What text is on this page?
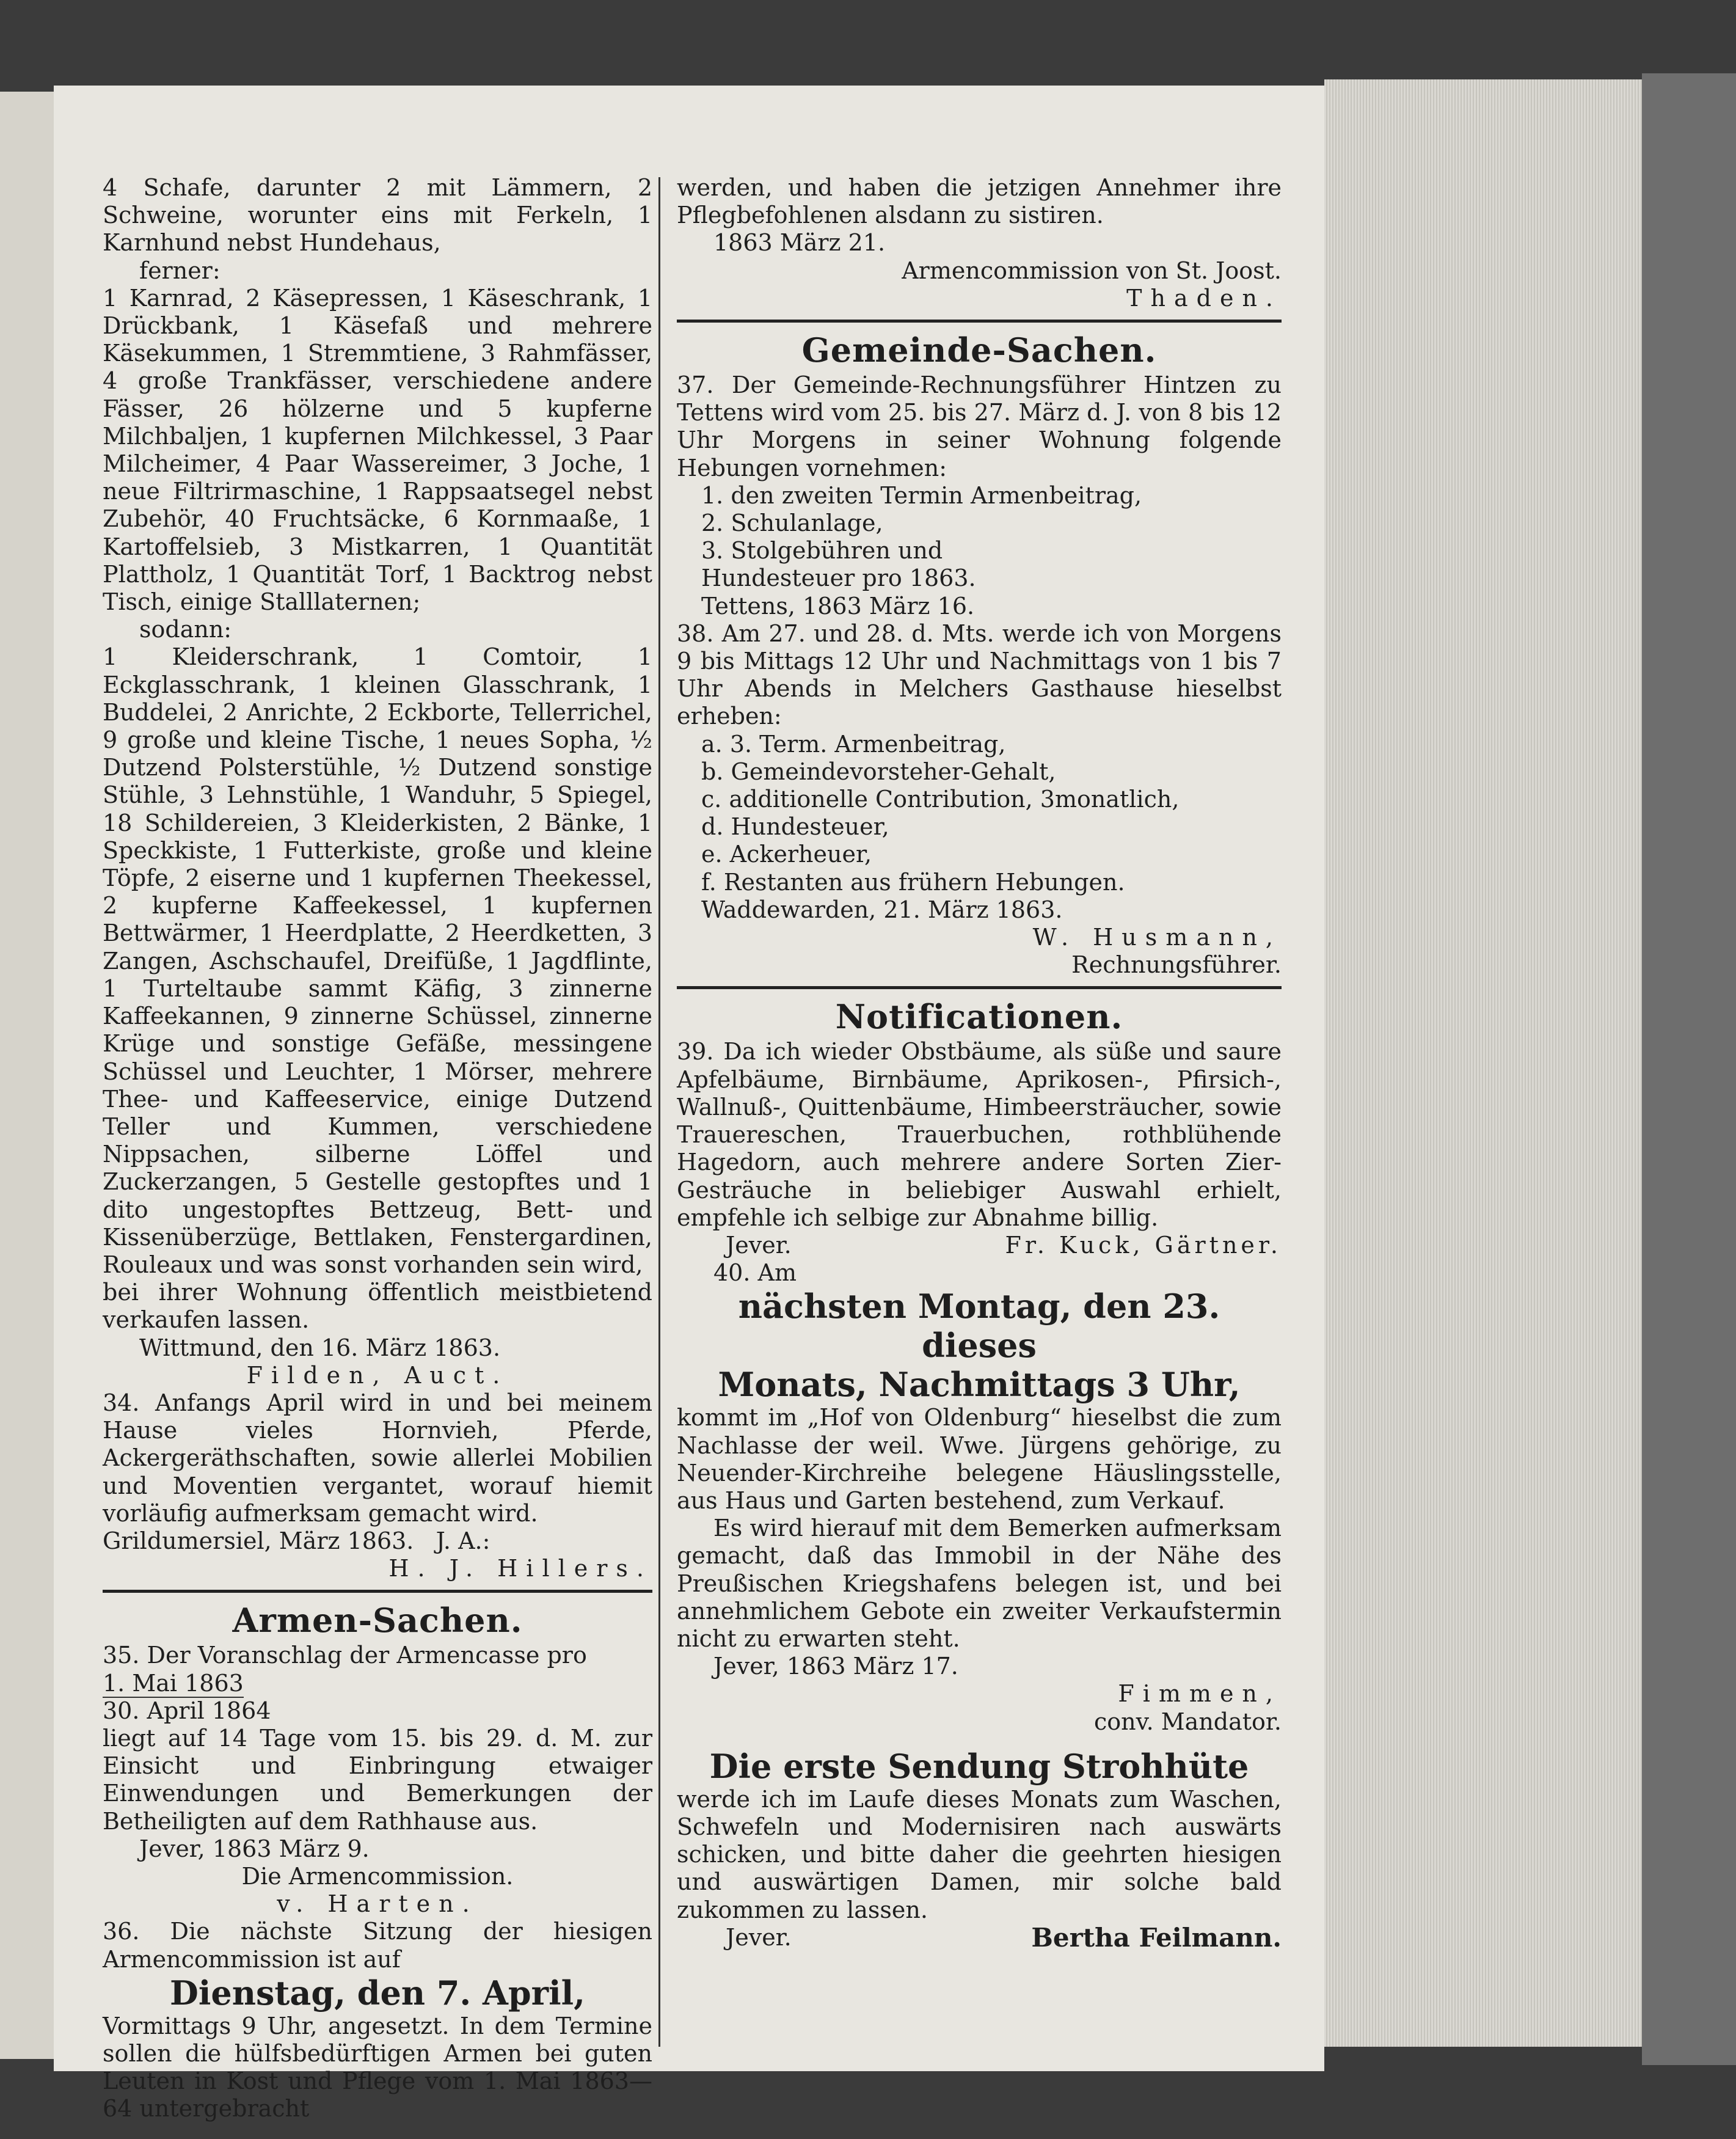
4 Schafe, darunter 2 mit Lämmern, 2 Schweine, worunter eins mit Ferkeln, 1 Karnhund nebst Hundehaus,

ferner:

1 Karnrad, 2 Käsepressen, 1 Käseschrank, 1 Drückbank, 1 Käsefaß und mehrere Käsekummen, 1 Stremmtiene, 3 Rahmfässer, 4 große Trankfässer, verschiedene andere Fässer, 26 hölzerne und 5 kupferne Milchbaljen, 1 kupfernen Milchkessel, 3 Paar Milcheimer, 4 Paar Wassereimer, 3 Joche, 1 neue Filtrirmaschine, 1 Rappsaatsegel nebst Zubehör, 40 Fruchtsäcke, 6 Kornmaaße, 1 Kartoffelsieb, 3 Mistkarren, 1 Quantität Plattholz, 1 Quantität Torf, 1 Backtrog nebst Tisch, einige Stalllaternen;

sodann:

1 Kleiderschrank, 1 Comtoir, 1 Eckglasschrank, 1 kleinen Glasschrank, 1 Buddelei, 2 Anrichte, 2 Eckborte, Tellerrichel, 9 große und kleine Tische, 1 neues Sopha, ½ Dutzend Polsterstühle, ½ Dutzend sonstige Stühle, 3 Lehnstühle, 1 Wanduhr, 5 Spiegel, 18 Schildereien, 3 Kleiderkisten, 2 Bänke, 1 Speckkiste, 1 Futterkiste, große und kleine Töpfe, 2 eiserne und 1 kupfernen Theekessel, 2 kupferne Kaffeekessel, 1 kupfernen Bettwärmer, 1 Heerdplatte, 2 Heerdketten, 3 Zangen, Aschschaufel, Dreifüße, 1 Jagdflinte, 1 Turteltaube sammt Käfig, 3 zinnerne Kaffeekannen, 9 zinnerne Schüssel, zinnerne Krüge und sonstige Gefäße, messingene Schüssel und Leuchter, 1 Mörser, mehrere Thee- und Kaffeeservice, einige Dutzend Teller und Kummen, verschiedene Nippsachen, silberne Löffel und Zuckerzangen, 5 Gestelle gestopftes und 1 dito ungestopftes Bettzeug, Bett- und Kissenüberzüge, Bettlaken, Fenstergardinen, Rouleaux und was sonst vorhanden sein wird,

bei ihrer Wohnung öffentlich meistbietend verkaufen lassen.

Wittmund, den 16. März 1863.

Filden, Auct.

34. Anfangs April wird in und bei meinem Hause vieles Hornvieh, Pferde, Ackergeräthschaften, sowie allerlei Mobilien und Moventien vergantet, worauf hiemit vorläufig aufmerksam gemacht wird.

Grildumersiel, März 1863. J. A.:

H. J. Hillers.

Armen-Sachen.

35. Der Voranschlag der Armencasse pro

1. Mai 1863
30. April 1864

liegt auf 14 Tage vom 15. bis 29. d. M. zur Einsicht und Einbringung etwaiger Einwendungen und Bemerkungen der Betheiligten auf dem Rathhause aus.

Jever, 1863 März 9.

Die Armencommission.

v. Harten.

36. Die nächste Sitzung der hiesigen Armencommission ist auf

Dienstag, den 7. April,

Vormittags 9 Uhr, angesetzt. In dem Termine sollen die hülfsbedürftigen Armen bei guten Leuten in Kost und Pflege vom 1. Mai 1863—64 untergebracht

werden, und haben die jetzigen Annehmer ihre Pflegbefohlenen alsdann zu sistiren.

1863 März 21.

Armencommission von St. Joost.

Thaden.

Gemeinde-Sachen.

37. Der Gemeinde-Rechnungsführer Hintzen zu Tettens wird vom 25. bis 27. März d. J. von 8 bis 12 Uhr Morgens in seiner Wohnung folgende Hebungen vornehmen:

1. den zweiten Termin Armenbeitrag,

2. Schulanlage,

3. Stolgebühren und

Hundesteuer pro 1863.

Tettens, 1863 März 16.

38. Am 27. und 28. d. Mts. werde ich von Morgens 9 bis Mittags 12 Uhr und Nachmittags von 1 bis 7 Uhr Abends in Melchers Gasthause hieselbst erheben:

a. 3. Term. Armenbeitrag,

b. Gemeindevorsteher-Gehalt,

c. additionelle Contribution, 3monatlich,

d. Hundesteuer,

e. Ackerheuer,

f. Restanten aus frühern Hebungen.

Waddewarden, 21. März 1863.

W. Husmann,

Rechnungsführer.

Notificationen.

39. Da ich wieder Obstbäume, als süße und saure Apfelbäume, Birnbäume, Aprikosen-, Pfirsich-, Wallnuß-, Quittenbäume, Himbeersträucher, sowie Trauereschen, Trauerbuchen, rothblühende Hagedorn, auch mehrere andere Sorten Zier-Gesträuche in beliebiger Auswahl erhielt, empfehle ich selbige zur Abnahme billig.

Jever.	Fr. Kuck, Gärtner.

40. Am

nächsten Montag, den 23. dieses

Monats, Nachmittags 3 Uhr,

kommt im „Hof von Oldenburg“ hieselbst die zum Nachlasse der weil. Wwe. Jürgens gehörige, zu Neuender-Kirchreihe belegene Häuslingsstelle, aus Haus und Garten bestehend, zum Verkauf.

Es wird hierauf mit dem Bemerken aufmerksam gemacht, daß das Immobil in der Nähe des Preußischen Kriegshafens belegen ist, und bei annehmlichem Gebote ein zweiter Verkaufstermin nicht zu erwarten steht.

Jever, 1863 März 17.

Fimmen,

conv. Mandator.

Die erste Sendung Strohhüte

werde ich im Laufe dieses Monats zum Waschen, Schwefeln und Modernisiren nach auswärts schicken, und bitte daher die geehrten hiesigen und auswärtigen Damen, mir solche bald zukommen zu lassen.

Jever.	Bertha Feilmann.
